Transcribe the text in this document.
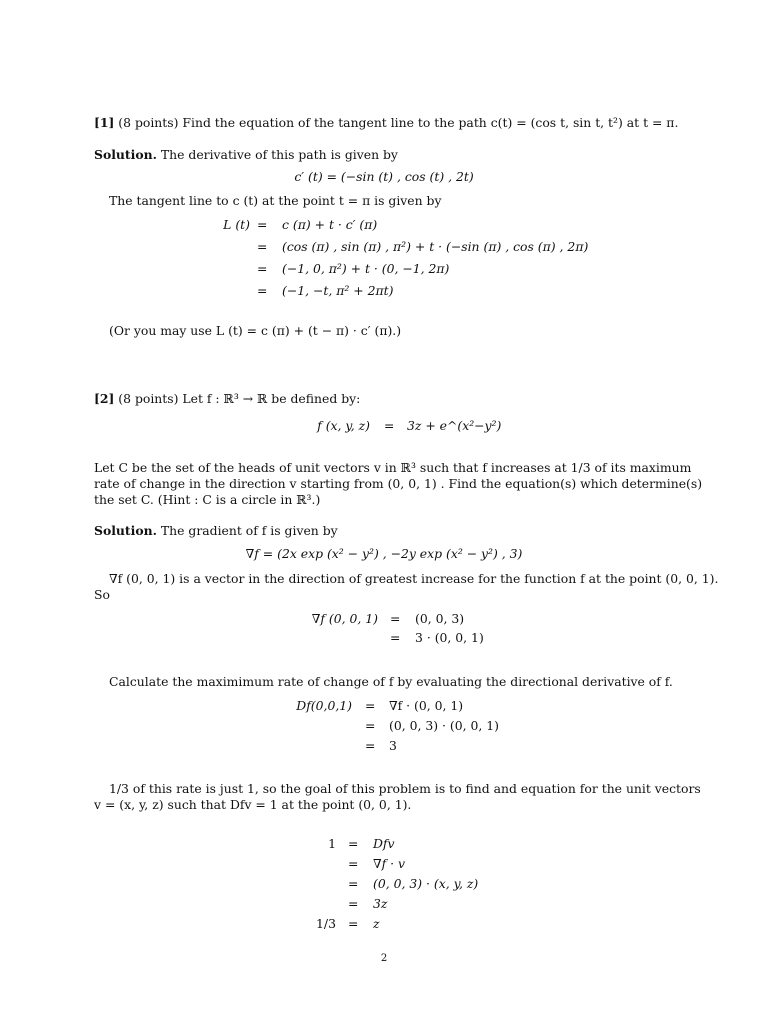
[1] (8 points) Find the equation of the tangent line to the path c(t) = (cos t, sin t, t²) at t = π.
Solution. The derivative of this path is given by
c′ (t) = (−sin (t) , cos (t) , 2t)
The tangent line to c (t) at the point t = π is given by
L (t) = c (π) + t · c′ (π)
= (cos (π) , sin (π) , π²) + t · (−sin (π) , cos (π) , 2π)
= (−1, 0, π²) + t · (0, −1, 2π)
= (−1, −t, π² + 2πt)
(Or you may use L (t) = c (π) + (t − π) · c′ (π).)
[2] (8 points) Let f : ℝ³ → ℝ be defined by:
f (x, y, z) = 3z + e^(x²−y²)
Let C be the set of the heads of unit vectors v in ℝ³ such that f increases at 1/3 of its maximum
rate of change in the direction v starting from (0, 0, 1) . Find the equation(s) which determine(s)
the set C. (Hint : C is a circle in ℝ³.)
Solution. The gradient of f is given by
∇f = (2x exp (x² − y²) , −2y exp (x² − y²) , 3)
∇f (0, 0, 1) is a vector in the direction of greatest increase for the function f at the point (0, 0, 1).
So
∇f (0, 0, 1) = (0, 0, 3)
= 3 · (0, 0, 1)
Calculate the maximimum rate of change of f by evaluating the directional derivative of f.
Df(0,0,1) = ∇f · (0, 0, 1)
= (0, 0, 3) · (0, 0, 1)
= 3
1/3 of this rate is just 1, so the goal of this problem is to find and equation for the unit vectors
v = (x, y, z) such that Dfv = 1 at the point (0, 0, 1).
1 = Dfv
= ∇f · v
= (0, 0, 3) · (x, y, z)
= 3z
1/3 = z
2
